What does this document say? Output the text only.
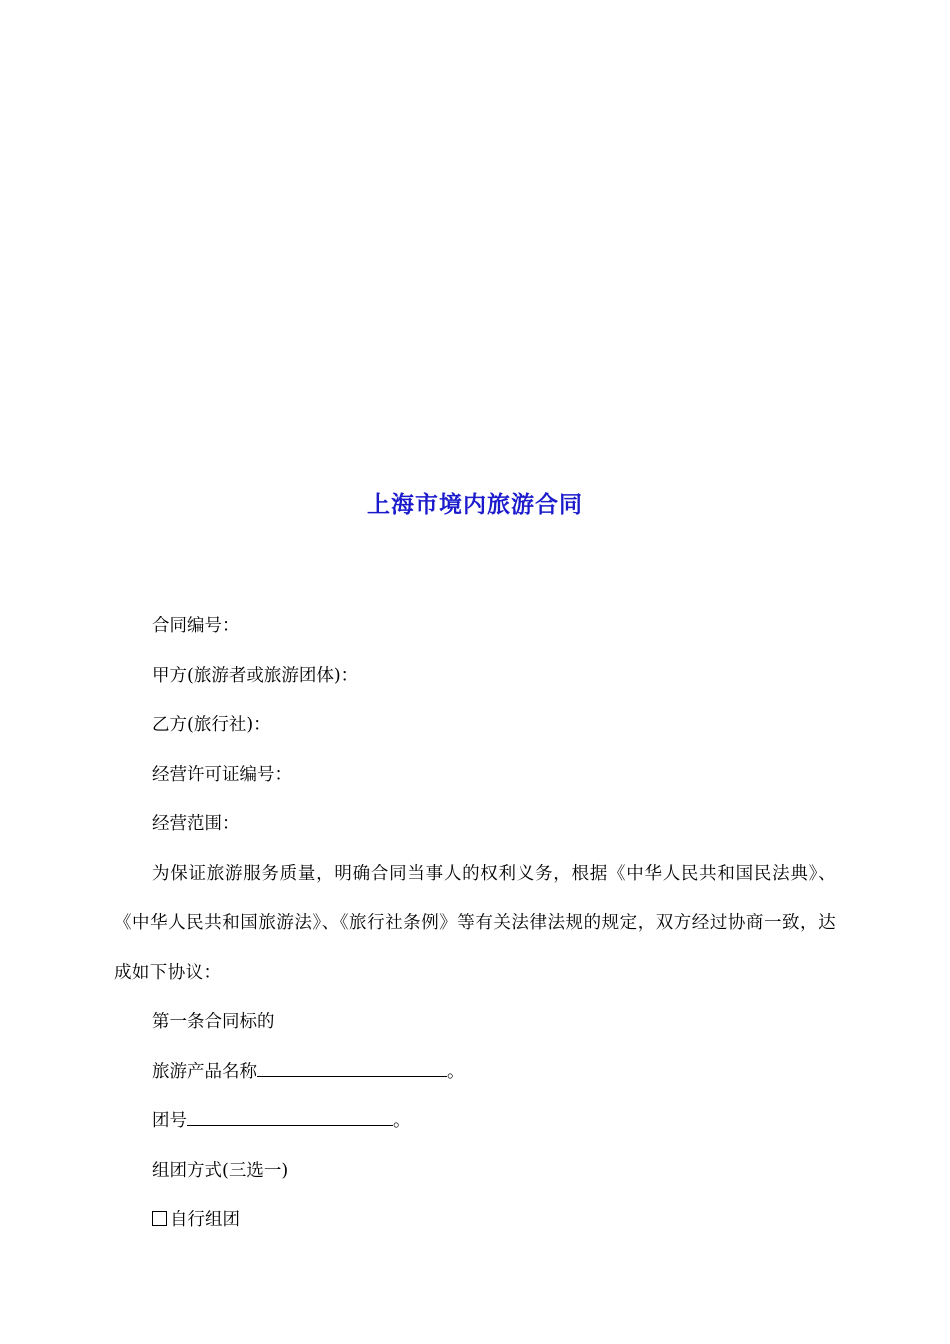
上海市境内旅游合同

合同编号：

甲方(旅游者或旅游团体)：

乙方(旅行社)：

经营许可证编号：

经营范围：

为保证旅游服务质量，明确合同当事人的权利义务，根据《中华人民共和国民法典》、《中华人民共和国旅游法》、《旅行社条例》等有关法律法规的规定，双方经过协商一致，达成如下协议：

第一条合同标的

旅游产品名称	。

团号	。

组团方式(三选一)

自行组团
